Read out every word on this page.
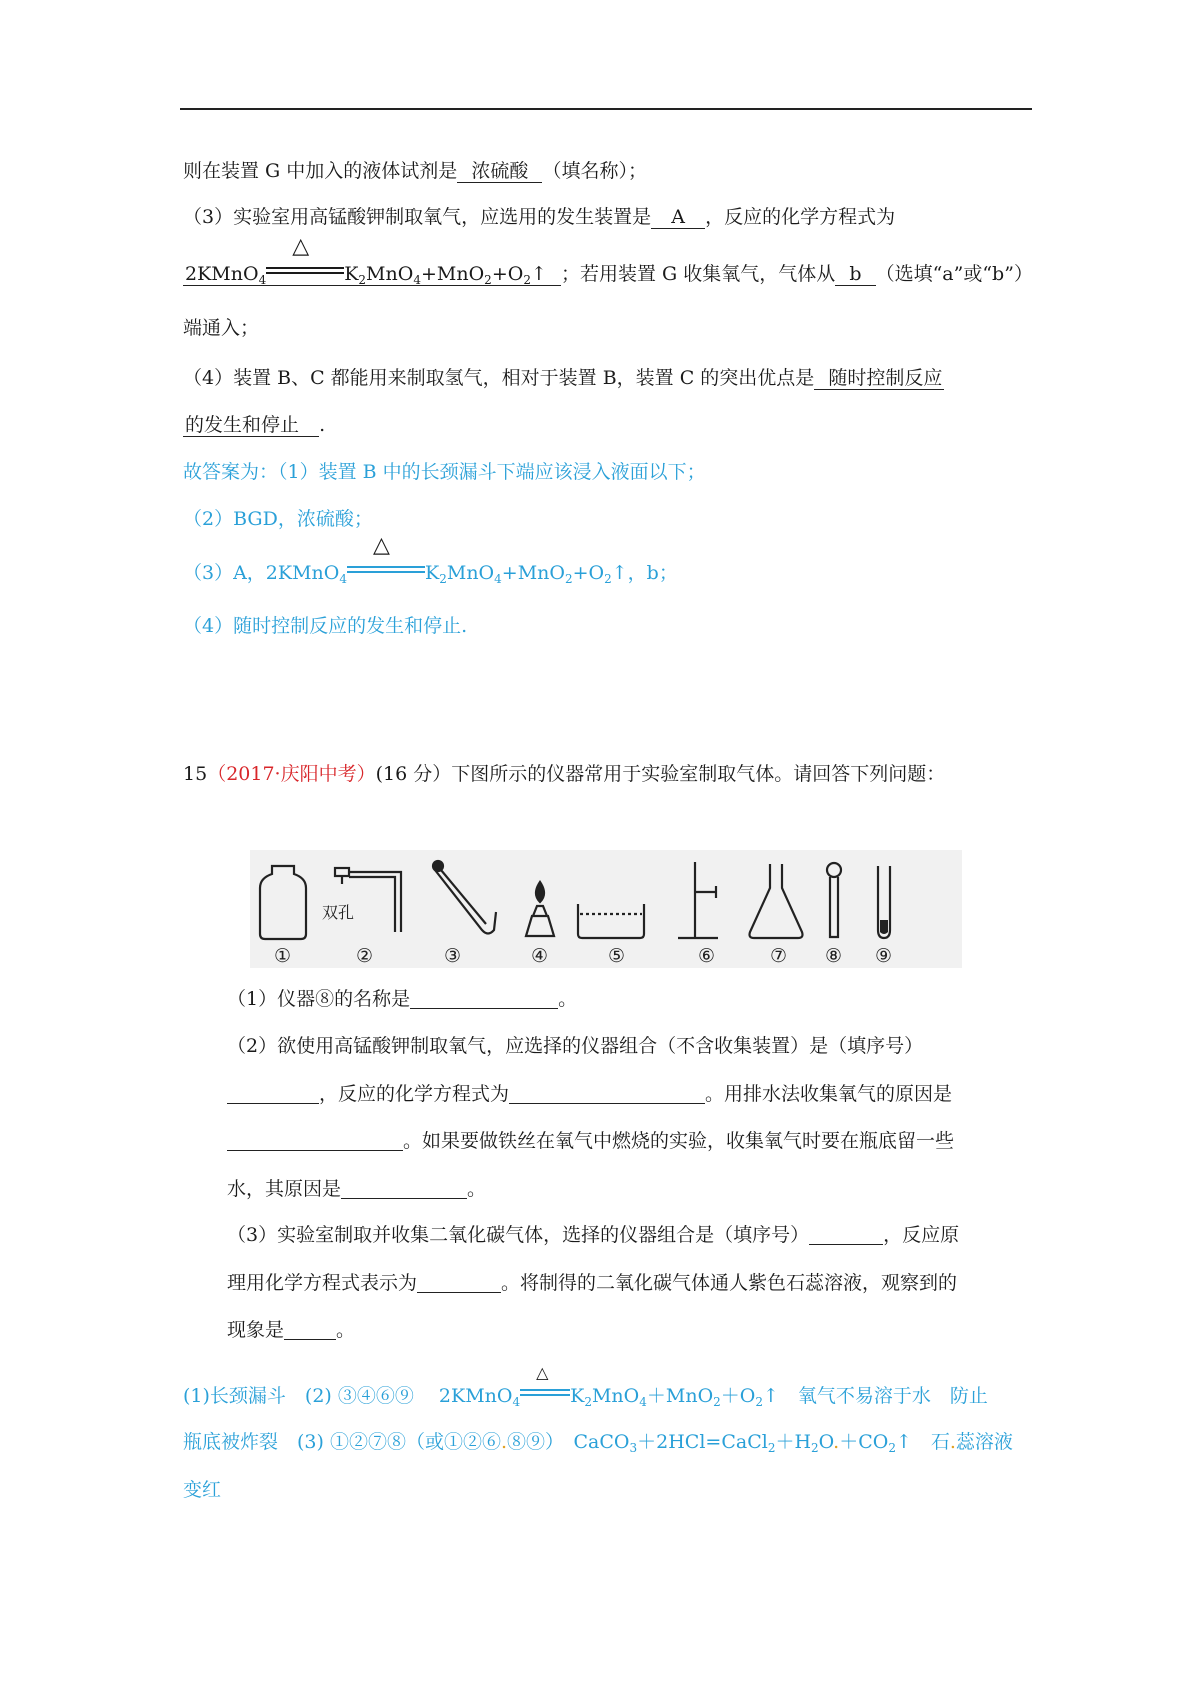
则在装置 G 中加入的液体试剂是 浓硫酸 （填名称）；
（3）实验室用高锰酸钾制取氧气，应选用的发生装置是 A ，反应的化学方程式为
2KMnO$_4$
△
$K_2MnO_4+MnO_2+O_2↑$ ；若用装置 G 收集氧气，气体从 b （选填“a”或“b”）
端通入；
（4）装置 B、C 都能用来制取氢气，相对于装置 B，装置 C 的突出优点是 随时控制反应
的发生和停止 .
故答案为：（1）装置 B 中的长颈漏斗下端应该浸入液面以下；
（2）BGD，浓硫酸；
（3）A，2KMnO$_4$
△
$K_2MnO_4+MnO_2+O_2↑$，b；
（4）随时控制反应的发生和停止.
15（2017·庆阳中考）(16 分）下图所示的仪器常用于实验室制取气体。请回答下列问题：
双孔
①	②	③	④	⑤	⑥	⑦ ⑧ ⑨
（1）仪器⑧的名称是	。
（2）欲使用高锰酸钾制取氧气，应选择的仪器组合（不含收集装置）是（填序号）
，反应的化学方程式为	。用排水法收集氧气的原因是
。如果要做铁丝在氧气中燃烧的实验，收集氧气时要在瓶底留一些
水，其原因是	。
（3）实验室制取并收集二氧化碳气体，选择的仪器组合是（填序号）	，反应原
理用化学方程式表示为	。将制得的二氧化碳气体通人紫色石蕊溶液，观察到的
现象是	。
(1)长颈漏斗　(2) ③④⑥⑨　 2KMnO$_4$
△
$K_2MnO_4+MnO_2+O_2↑$　氧气不易溶于水　防止
瓶底被炸裂　(3) ①②⑦⑧（或①②⑥.⑧⑨）　$CaCO_3+2HCl=CaCl_2+H_2O.+CO_2↑$　石.蕊溶液
变红
